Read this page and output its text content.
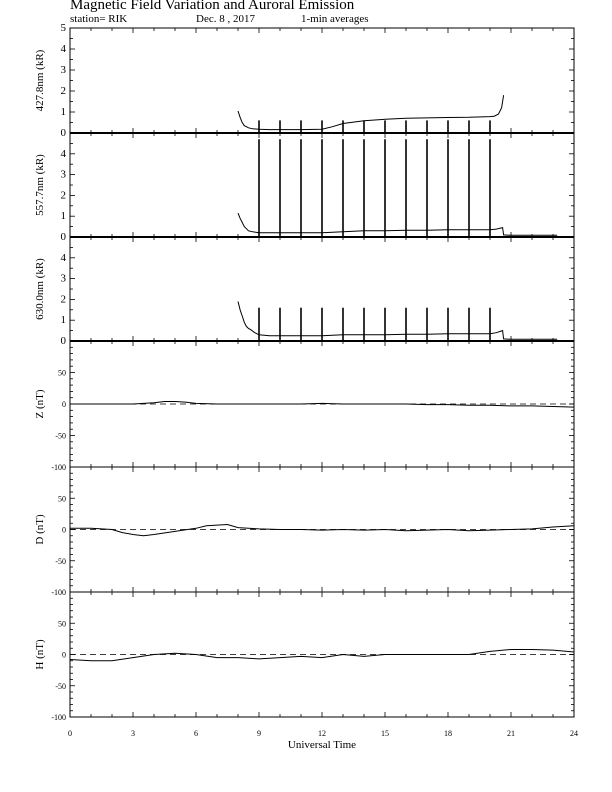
Magnetic Field Variation and Auroral Emission
station= RIK	Dec. 8 , 2017	1-min averages
0
1
2
3
4
5
427.8nm (kR)
0
1
2
3
4
557.7nm (kR)
0
1
2
3
4
630.0nm (kR)
-100
-50
0
50
Z (nT)
-100
-50
0
50
D (nT)
-100
-50
0
50
H (nT)
0	3	6	9	12	15	18	21	24
Universal Time
